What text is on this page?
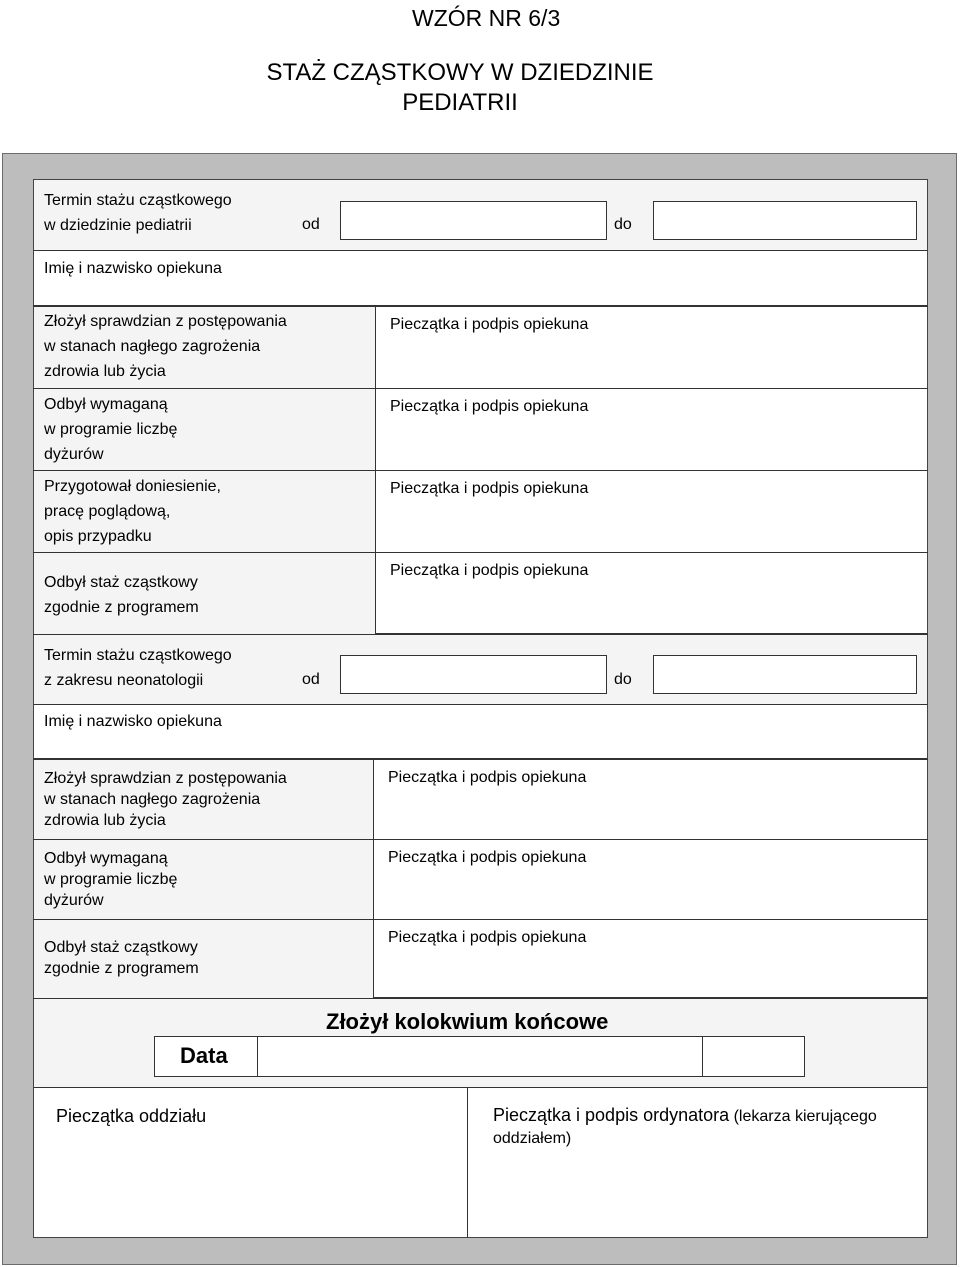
WZÓR NR 6/3
STAŻ CZĄSTKOWY W DZIEDZINIE
PEDIATRII
Termin stażu cząstkowego
w dziedzinie pediatrii	od	do
Imię i nazwisko opiekuna
Złożył sprawdzian z postępowania
w stanach nagłego zagrożenia
zdrowia lub życia
Pieczątka i podpis opiekuna
Odbył wymaganą
w programie liczbę
dyżurów
Pieczątka i podpis opiekuna
Przygotował doniesienie,
pracę poglądową,
opis przypadku
Pieczątka i podpis opiekuna
Odbył staż cząstkowy
zgodnie z programem
Pieczątka i podpis opiekuna
Termin stażu cząstkowego
z zakresu neonatologii	od	do
Imię i nazwisko opiekuna
Złożył sprawdzian z postępowania
w stanach nagłego zagrożenia
zdrowia lub życia
Pieczątka i podpis opiekuna
Odbył wymaganą
w programie liczbę
dyżurów
Pieczątka i podpis opiekuna
Odbył staż cząstkowy
zgodnie z programem
Pieczątka i podpis opiekuna
Złożył kolokwium końcowe
Data
Pieczątka oddziału	Pieczątka i podpis ordynatora (lekarza kierującego
oddziałem)
